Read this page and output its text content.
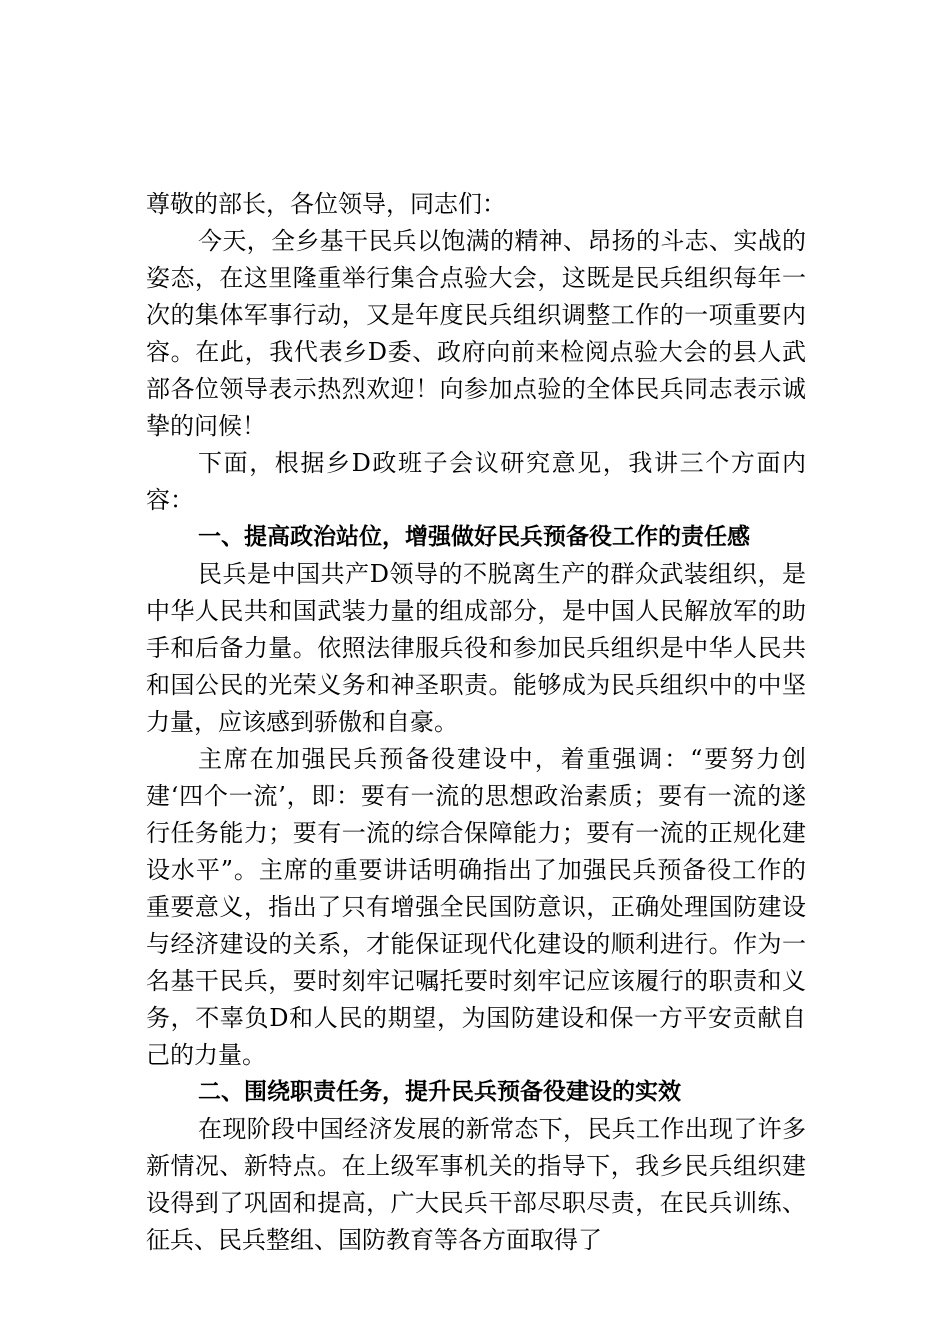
尊敬的部长，各位领导，同志们：

今天，全乡基干民兵以饱满的精神、昂扬的斗志、实战的姿态，在这里隆重举行集合点验大会，这既是民兵组织每年一次的集体军事行动，又是年度民兵组织调整工作的一项重要内容。在此，我代表乡D委、政府向前来检阅点验大会的县人武部各位领导表示热烈欢迎！向参加点验的全体民兵同志表示诚挚的问候！

下面，根据乡D政班子会议研究意见，我讲三个方面内容：

一、提高政治站位，增强做好民兵预备役工作的责任感

民兵是中国共产D领导的不脱离生产的群众武装组织，是中华人民共和国武装力量的组成部分，是中国人民解放军的助手和后备力量。依照法律服兵役和参加民兵组织是中华人民共和国公民的光荣义务和神圣职责。能够成为民兵组织中的中坚力量，应该感到骄傲和自豪。

主席在加强民兵预备役建设中，着重强调：“要努力创建‘四个一流’，即：要有一流的思想政治素质；要有一流的遂行任务能力；要有一流的综合保障能力；要有一流的正规化建设水平”。主席的重要讲话明确指出了加强民兵预备役工作的重要意义，指出了只有增强全民国防意识，正确处理国防建设与经济建设的关系，才能保证现代化建设的顺利进行。作为一名基干民兵，要时刻牢记嘱托要时刻牢记应该履行的职责和义务，不辜负D和人民的期望，为国防建设和保一方平安贡献自己的力量。

二、围绕职责任务，提升民兵预备役建设的实效

在现阶段中国经济发展的新常态下，民兵工作出现了许多新情况、新特点。在上级军事机关的指导下，我乡民兵组织建设得到了巩固和提高，广大民兵干部尽职尽责，在民兵训练、征兵、民兵整组、国防教育等各方面取得了
